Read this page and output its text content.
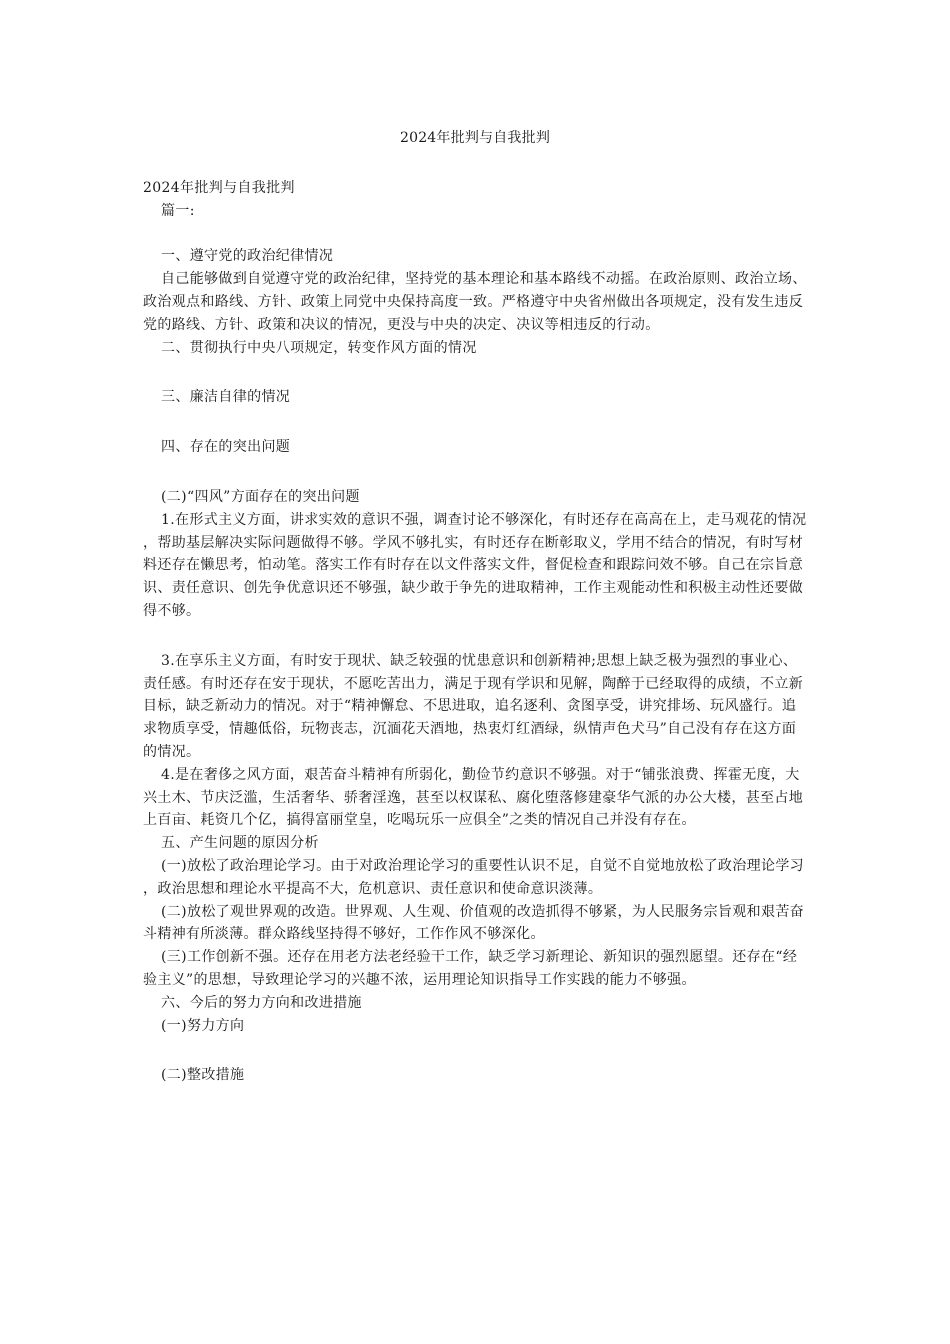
2024年批判与自我批判

2024年批判与自我批判

篇一:

一、遵守党的政治纪律情况

自己能够做到自觉遵守党的政治纪律，坚持党的基本理论和基本路线不动摇。在政治原则、政治立场、政治观点和路线、方针、政策上同党中央保持高度一致。严格遵守中央省州做出各项规定，没有发生违反党的路线、方针、政策和决议的情况，更没与中央的决定、决议等相违反的行动。

二、贯彻执行中央八项规定，转变作风方面的情况

三、廉洁自律的情况

四、存在的突出问题

(二)“四风”方面存在的突出问题

1.在形式主义方面，讲求实效的意识不强，调查讨论不够深化，有时还存在高高在上，走马观花的情况，帮助基层解决实际问题做得不够。学风不够扎实，有时还存在断彰取义，学用不结合的情况，有时写材料还存在懒思考，怕动笔。落实工作有时存在以文件落实文件，督促检查和跟踪问效不够。自己在宗旨意识、责任意识、创先争优意识还不够强，缺少敢于争先的进取精神，工作主观能动性和积极主动性还要做得不够。

3.在享乐主义方面，有时安于现状、缺乏较强的忧患意识和创新精神;思想上缺乏极为强烈的事业心、责任感。有时还存在安于现状，不愿吃苦出力，满足于现有学识和见解，陶醉于已经取得的成绩，不立新目标，缺乏新动力的情况。对于“精神懈怠、不思进取，追名逐利、贪图享受，讲究排场、玩风盛行。追求物质享受，情趣低俗，玩物丧志，沉湎花天酒地，热衷灯红酒绿，纵情声色犬马”自己没有存在这方面的情况。

4.是在奢侈之风方面，艰苦奋斗精神有所弱化，勤俭节约意识不够强。对于“铺张浪费、挥霍无度，大兴土木、节庆泛滥，生活奢华、骄奢淫逸，甚至以权谋私、腐化堕落修建豪华气派的办公大楼，甚至占地上百亩、耗资几个亿，搞得富丽堂皇，吃喝玩乐一应俱全”之类的情况自己并没有存在。

五、产生问题的原因分析

(一)放松了政治理论学习。由于对政治理论学习的重要性认识不足，自觉不自觉地放松了政治理论学习，政治思想和理论水平提高不大，危机意识、责任意识和使命意识淡薄。

(二)放松了观世界观的改造。世界观、人生观、价值观的改造抓得不够紧，为人民服务宗旨观和艰苦奋斗精神有所淡薄。群众路线坚持得不够好，工作作风不够深化。

(三)工作创新不强。还存在用老方法老经验干工作，缺乏学习新理论、新知识的强烈愿望。还存在“经验主义”的思想，导致理论学习的兴趣不浓，运用理论知识指导工作实践的能力不够强。

六、今后的努力方向和改进措施

(一)努力方向

(二)整改措施
